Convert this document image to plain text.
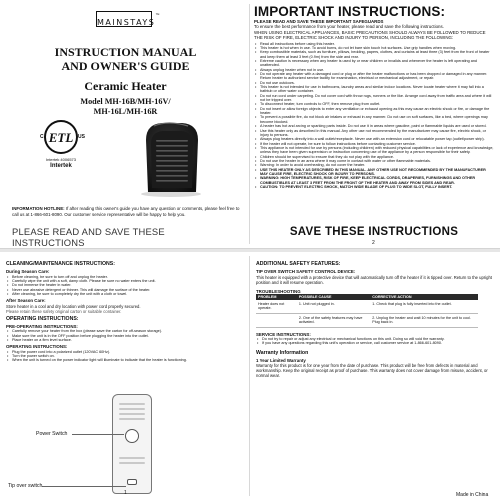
MAINSTAYS™
INSTRUCTION MANUAL
AND OWNER'S GUIDE
Ceramic Heater
Model MH-16B/MH-16V/
MH-16L/MH-16R
C ETL US
Intertek 4006573
Intertek
INFORMATION HOTLINE: If after reading this owner's guide you have any question or comments, please feel free to call us at 1-866-601-8090. Our customer service representative will be happy to help you.
PLEASE READ AND SAVE THESE INSTRUCTIONS
IMPORTANT INSTRUCTIONS:
PLEASE READ AND SAVE THESE IMPORTANT SAFEGUARDS
To ensure the best performance from your heater, please read and save the following instructions.
WHEN USING ELECTRICAL APPLIANCES, BASIC PRECAUTIONS SHOULD ALWAYS BE FOLLOWED TO REDUCE THE RISK OF FIRE, ELECTRIC SHOCK AND INJURY TO PERSON, INCLUDING THE FOLLOWING:
• Read all instructions before using this heater.
• This heater is hot when in use. To avoid burns, do not let bare skin touch hot surfaces. Use grip handles when moving.
• Keep combustible materials, such as furniture, pillows, bedding, papers, clothes, and curtains at least three (3) feet from the front of heater and keep them at least 3 feet (0.9m) from the side and rear.
• Extreme caution is necessary when any heater is used by or near children or invalids and whenever the heater is left operating and unattended.
• Always unplug heater when not in use.
• Do not operate any heater with a damaged cord or plug or after the heater malfunctions or has been dropped or damaged in any manner. Return heater to authorized service facility for examination, electrical or mechanical adjustment, or repair.
• Do not use outdoors.
• This heater is not intended for use in bathrooms, laundry areas and similar indoor locations. Never locate heater where it may fall into a bathtub or other water container.
• Do not run cord under carpeting. Do not cover cord with throw rugs, runners or the like. Arrange cord away from traffic area and where it will not be tripped over.
• To disconnect heater, turn controls to OFF, then remove plug from outlet.
• Do not insert or allow foreign objects to enter any ventilation or exhaust opening as this may cause an electric shock or fire, or damage the heater.
• To prevent a possible fire, do not block air intakes or exhaust in any manner. Do not use on soft surfaces, like a bed, where openings may become blocked.
• A heater has hot and arcing or sparking parts inside. Do not use it in areas where gasoline, paint or flammable liquids are used or stored.
• Use this heater only as described in this manual. Any other use not recommended by the manufacturer may cause fire, electric shock, or injury to persons.
• Always plug heaters directly into a wall outlet/receptacle. Never use with an extension cord or relocatable power tap (outlet/power strip).
• If the heater will not operate, be sure to follow instructions before contacting customer service.
• This appliance is not intended for use by persons (including children) with reduced physical capabilities or lack of experience and knowledge, unless they have been given supervision or instruction concerning use of the appliance by a person responsible for their safety.
• Children should be supervised to ensure that they do not play with the appliance.
• Do not use the heater in an area where it may come in contact with water or other flammable materials.
• Warning: In order to avoid overheating, do not cover the heater.
• USE THIS HEATER ONLY AS DESCRIBED IN THIS MANUAL. ANY OTHER USE NOT RECOMMENDED BY THE MANUFACTURER MAY CAUSE FIRE, ELECTRIC SHOCK OR INJURY TO PERSONS.
• WARNING: HIGH TEMPERATURES, RISK OF FIRE, KEEP ELECTRICAL CORDS, DRAPERIES, FURNISHINGS AND OTHER COMBUSTIBLES AT LEAST 3 FEET FROM THE FRONT OF THE HEATER AND AWAY FROM SIDES AND REAR.
• CAUTION: TO PREVENT ELECTRIC SHOCK, MATCH WIDE BLADE OF PLUG TO WIDE SLOT, FULLY INSERT.
SAVE THESE INSTRUCTIONS
2
CLEANING/MAINTENANCE INSTRUCTIONS:
During Season Care:
• Before cleaning, be sure to turn off and unplug the heater.
• Carefully wipe the unit with a soft, damp cloth. Please be sure no water enters the unit.
• Do not immerse the heater in water.
• Never use abrasive detergent or thinner. This will damage the surface of the heater.
• After cleaning, be sure to completely dry the unit with a cloth or towel.
After Season Care:
Store heater in a cool and dry location with power cord properly secured.
Please retain these safety original carton or suitable container.
OPERATING INSTRUCTIONS:
PRE-OPERATING INSTRUCTIONS:
• Carefully remove your heater from the box (please save the carton for off-season storage).
• Make sure the unit is in the OFF position before plugging the heater into the outlet.
• Place heater on a firm level surface.
OPERATING INSTRUCTIONS:
• Plug the power cord into a polarized outlet (120VAC 60Hz).
• Turn the power switch on.
• When the unit is turned on the power indicator light will illuminate to indicate that the heater is functioning.
Power Switch
Tip over switch
1
ADDITIONAL SAFETY FEATURES:
TIP OVER SWITCH SAFETY CONTROL DEVICE:
This heater is equipped with a protective device that will automatically turn off the heater if it is tipped over. Return to the upright position and it will resume operation.
TROUBLESHOOTING
PROBLEM	POSSIBLE CAUSE	CORRECTIVE ACTION
Heater does not operate.	1. Unit not plugged in.	1. Check that plug is fully inserted into the outlet.
	2. One of the safety features may have activated.	2. Unplug the heater and wait 10 minutes for the unit to cool. Plug back in.
SERVICE INSTRUCTIONS:
• Do not try to repair or adjust any electrical or mechanical functions on this unit. Doing so will void the warranty.
• If you have any questions regarding this unit's operation or service, call customer service at 1-866-601-8090.
Warranty Information
1 Year Limited Warranty
Warranty for this product is for one year from the date of purchase. This product will be free from defects in material and workmanship. Keep the original receipt as proof of purchase. This warranty does not cover damage from misuse, accident, or normal wear.
Made in China
